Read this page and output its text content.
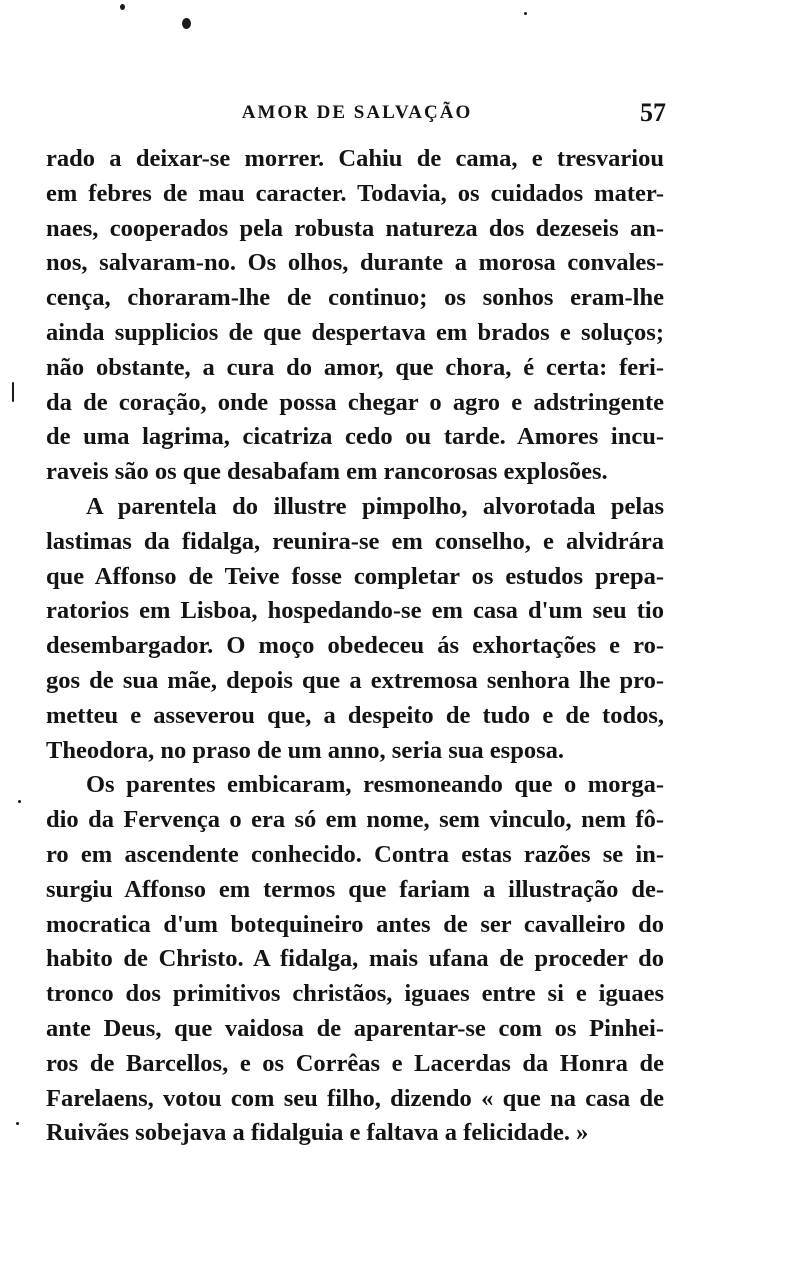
AMOR DE SALVAÇÃO	57
rado a deixar-se morrer. Cahiu de cama, e tresvariou
em febres de mau caracter. Todavia, os cuidados mater-
naes, cooperados pela robusta natureza dos dezeseis an-
nos, salvaram-no. Os olhos, durante a morosa convales-
cença, choraram-lhe de continuo; os sonhos eram-lhe
ainda supplicios de que despertava em brados e soluços;
não obstante, a cura do amor, que chora, é certa: feri-
da de coração, onde possa chegar o agro e adstringente
de uma lagrima, cicatriza cedo ou tarde. Amores incu-
raveis são os que desabafam em rancorosas explosões.
A parentela do illustre pimpolho, alvorotada pelas
lastimas da fidalga, reunira-se em conselho, e alvidrára
que Affonso de Teive fosse completar os estudos prepa-
ratorios em Lisboa, hospedando-se em casa d'um seu tio
desembargador. O moço obedeceu ás exhortações e ro-
gos de sua mãe, depois que a extremosa senhora lhe pro-
metteu e asseverou que, a despeito de tudo e de todos,
Theodora, no praso de um anno, seria sua esposa.
Os parentes embicaram, resmoneando que o morga-
dio da Fervença o era só em nome, sem vinculo, nem fô-
ro em ascendente conhecido. Contra estas razões se in-
surgiu Affonso em termos que fariam a illustração de-
mocratica d'um botequineiro antes de ser cavalleiro do
habito de Christo. A fidalga, mais ufana de proceder do
tronco dos primitivos christãos, iguaes entre si e iguaes
ante Deus, que vaidosa de aparentar-se com os Pinhei-
ros de Barcellos, e os Corrêas e Lacerdas da Honra de
Farelaens, votou com seu filho, dizendo « que na casa de
Ruivães sobejava a fidalguia e faltava a felicidade. »
